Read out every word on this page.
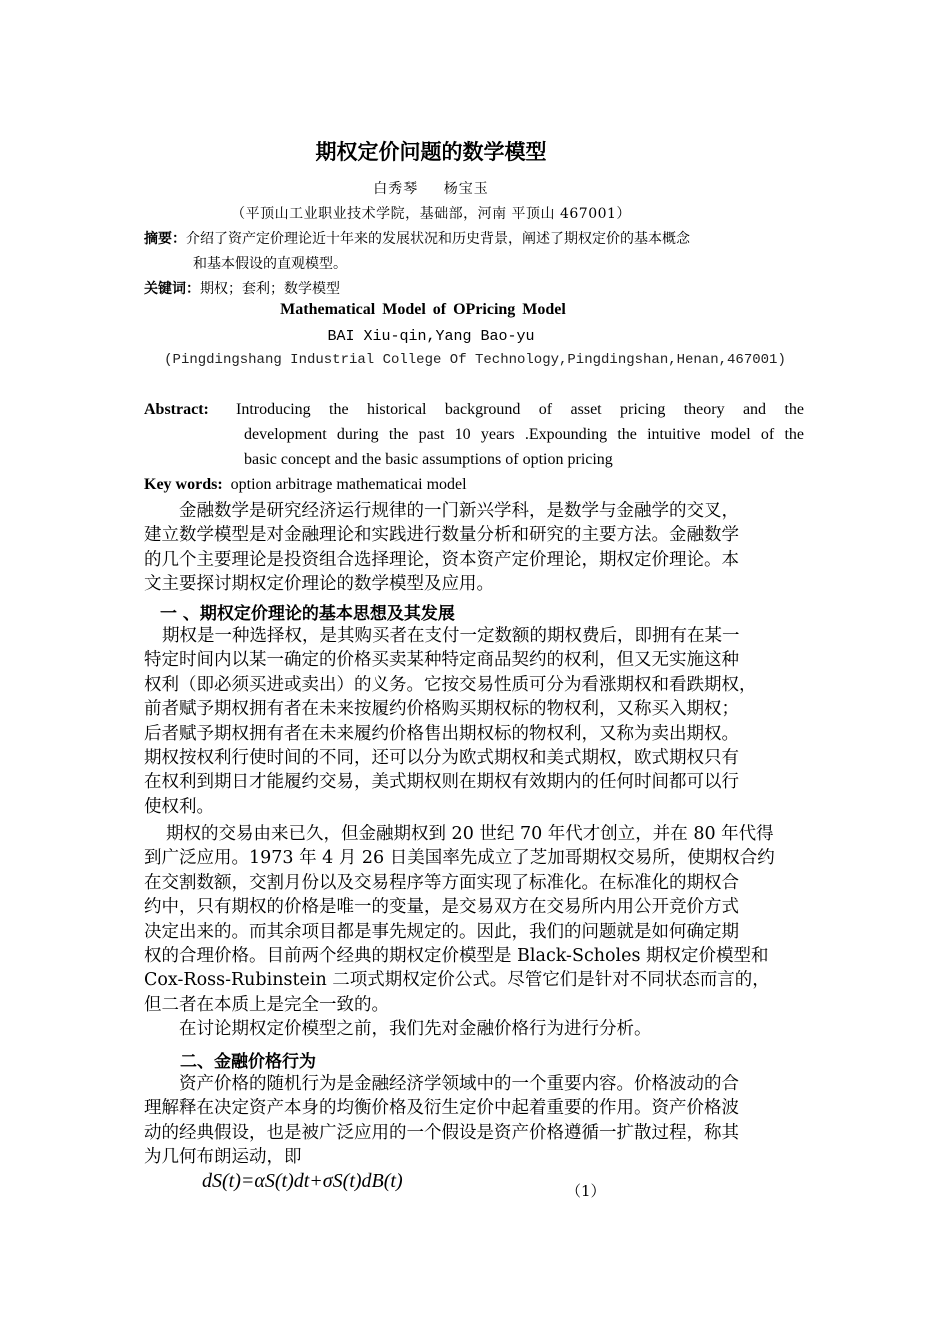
期权定价问题的数学模型
白秀琴 杨宝玉
（平顶山工业职业技术学院，基础部，河南 平顶山 467001）
摘要：介绍了资产定价理论近十年来的发展状况和历史背景，阐述了期权定价的基本概念
和基本假设的直观模型。
关键词：期权；套利；数学模型
Mathematical Model of OPricing Model
BAI Xiu-qin,Yang Bao-yu
(Pingdingshang Industrial College Of Technology,Pingdingshan,Henan,467001)
Abstract: Introducing the historical background of asset pricing theory and the
development during the past 10 years .Expounding the intuitive model of the
basic concept and the basic assumptions of option pricing
Key words: option arbitrage mathematicai model
金融数学是研究经济运行规律的一门新兴学科，是数学与金融学的交叉，
建立数学模型是对金融理论和实践进行数量分析和研究的主要方法。金融数学
的几个主要理论是投资组合选择理论，资本资产定价理论，期权定价理论。本
文主要探讨期权定价理论的数学模型及应用。
一 、期权定价理论的基本思想及其发展
期权是一种选择权，是其购买者在支付一定数额的期权费后，即拥有在某一
特定时间内以某一确定的价格买卖某种特定商品契约的权利，但又无实施这种
权利（即必须买进或卖出）的义务。它按交易性质可分为看涨期权和看跌期权，
前者赋予期权拥有者在未来按履约价格购买期权标的物权利，又称买入期权；
后者赋予期权拥有者在未来履约价格售出期权标的物权利，又称为卖出期权。
期权按权利行使时间的不同，还可以分为欧式期权和美式期权，欧式期权只有
在权利到期日才能履约交易，美式期权则在期权有效期内的任何时间都可以行
使权利。
期权的交易由来已久，但金融期权到 20 世纪 70 年代才创立，并在 80 年代得
到广泛应用。1973 年 4 月 26 日美国率先成立了芝加哥期权交易所，使期权合约
在交割数额，交割月份以及交易程序等方面实现了标准化。在标准化的期权合
约中，只有期权的价格是唯一的变量，是交易双方在交易所内用公开竞价方式
决定出来的。而其余项目都是事先规定的。因此，我们的问题就是如何确定期
权的合理价格。目前两个经典的期权定价模型是 Black-Scholes 期权定价模型和
Cox-Ross-Rubinstein 二项式期权定价公式。尽管它们是针对不同状态而言的，
但二者在本质上是完全一致的。
在讨论期权定价模型之前，我们先对金融价格行为进行分析。
二、金融价格行为
资产价格的随机行为是金融经济学领域中的一个重要内容。价格波动的合
理解释在决定资产本身的均衡价格及衍生定价中起着重要的作用。资产价格波
动的经典假设，也是被广泛应用的一个假设是资产价格遵循一扩散过程，称其
为几何布朗运动，即
dS(t)=αS(t)dt+σS(t)dB(t)	（1）
